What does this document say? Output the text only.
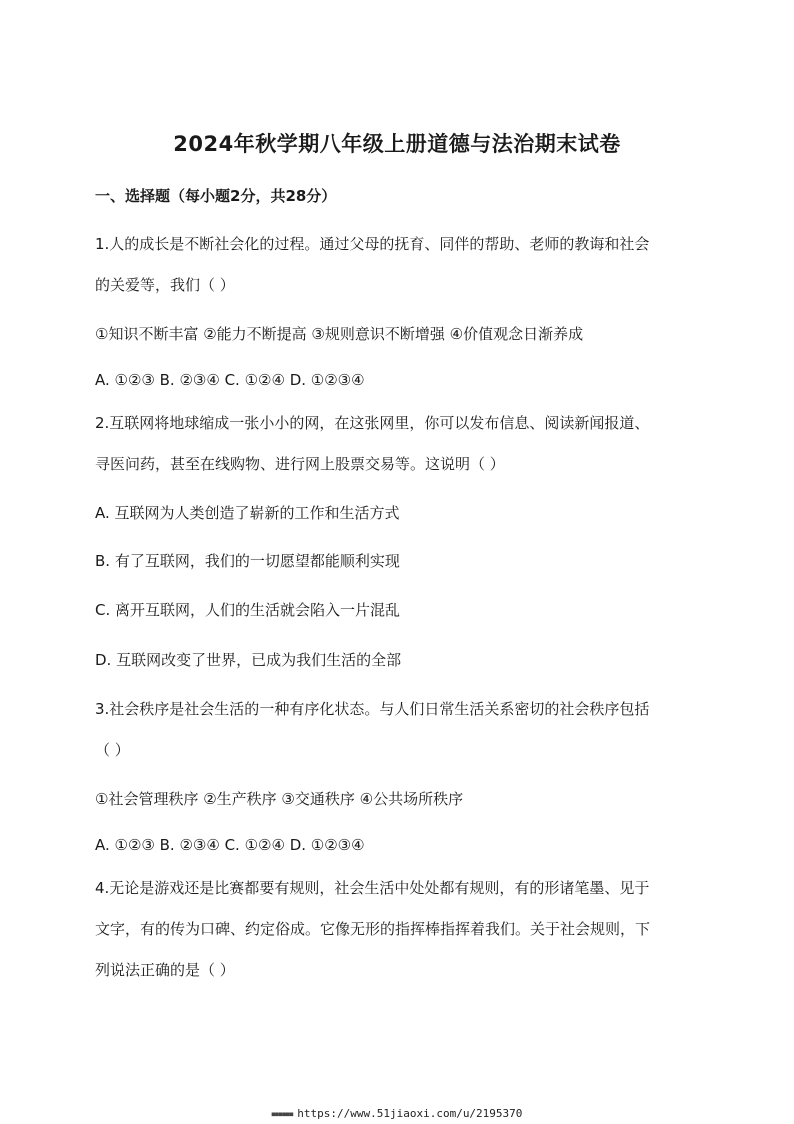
2024年秋学期八年级上册道德与法治期末试卷
一、选择题（每小题2分，共28分）
1.人的成长是不断社会化的过程。通过父母的抚育、同伴的帮助、老师的教诲和社会
的关爱等，我们（ ）
①知识不断丰富 ②能力不断提高 ③规则意识不断增强 ④价值观念日渐养成
A. ①②③ B. ②③④ C. ①②④ D. ①②③④
2.互联网将地球缩成一张小小的网，在这张网里，你可以发布信息、阅读新闻报道、
寻医问药，甚至在线购物、进行网上股票交易等。这说明（ ）
A. 互联网为人类创造了崭新的工作和生活方式
B. 有了互联网，我们的一切愿望都能顺利实现
C. 离开互联网，人们的生活就会陷入一片混乱
D. 互联网改变了世界，已成为我们生活的全部
3.社会秩序是社会生活的一种有序化状态。与人们日常生活关系密切的社会秩序包括
（ ）
①社会管理秩序 ②生产秩序 ③交通秩序 ④公共场所秩序
A. ①②③ B. ②③④ C. ①②④ D. ①②③④
4.无论是游戏还是比赛都要有规则，社会生活中处处都有规则，有的形诸笔墨、见于
文字，有的传为口碑、约定俗成。它像无形的指挥棒指挥着我们。关于社会规则，下
列说法正确的是（ ）
■■■■■■ https://www.51jiaoxi.com/u/2195370
